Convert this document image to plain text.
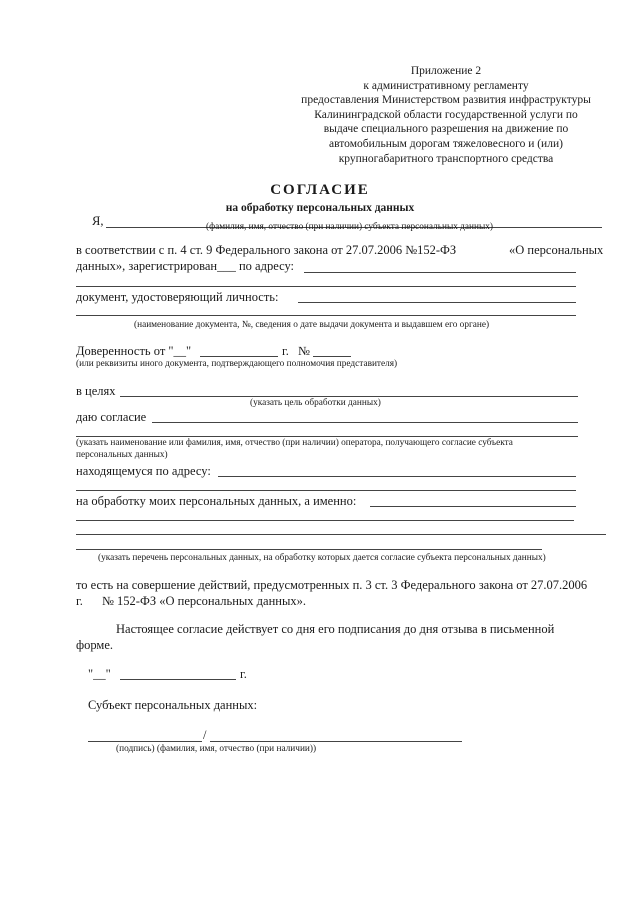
Приложение 2
к административному регламенту
предоставления Министерством развития инфраструктуры
Калининградской области государственной услуги по
выдаче специального разрешения на движение по
автомобильным дорогам тяжеловесного и (или)
крупногабаритного транспортного средства
СОГЛАСИЕ
на обработку персональных данных
Я,	(фамилия, имя, отчество (при наличии) субъекта персональных данных)
в соответствии с п. 4 ст. 9 Федерального закона от 27.07.2006 №152-ФЗ	«О персональных
данных», зарегистрирован___ по адресу:
документ, удостоверяющий личность:
(наименование документа, №, сведения о дате выдачи документа и выдавшем его органе)
Доверенность от "__"	г. №
(или реквизиты иного документа, подтверждающего полномочия представителя)
в целях
(указать цель обработки данных)
даю согласие
(указать наименование или фамилия, имя, отчество (при наличии) оператора, получающего согласие субъекта
персональных данных)
находящемуся по адресу:
на обработку моих персональных данных, а именно:
(указать перечень персональных данных, на обработку которых дается согласие субъекта персональных данных)
то есть на совершение действий, предусмотренных п. 3 ст. 3 Федерального закона от 27.07.2006
г. № 152-ФЗ «О персональных данных».
Настоящее согласие действует со дня его подписания до дня отзыва в письменной
форме.
"__"	г.
Субъект персональных данных:
/
(подпись) (фамилия, имя, отчество (при наличии))
